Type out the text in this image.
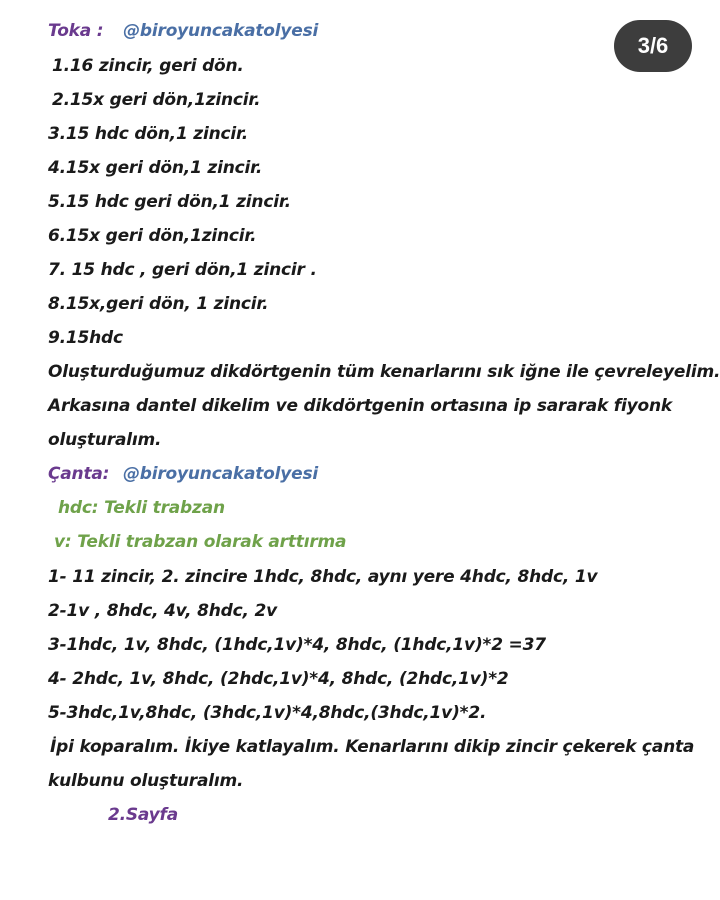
3/6
Toka : @biroyuncakatolyesi
1.16 zincir, geri dön.
2.15x geri dön,1zincir.
3.15 hdc dön,1 zincir.
4.15x geri dön,1 zincir.
5.15 hdc geri dön,1 zincir.
6.15x geri dön,1zincir.
7. 15 hdc , geri dön,1 zincir .
8.15x,geri dön, 1 zincir.
9.15hdc
Oluşturduğumuz dikdörtgenin tüm kenarlarını sık iğne ile çevreleyelim.
Arkasına dantel dikelim ve dikdörtgenin ortasına ip sararak fiyonk
oluşturalım.
Çanta: @biroyuncakatolyesi
hdc: Tekli trabzan
v: Tekli trabzan olarak arttırma
1- 11 zincir, 2. zincire 1hdc, 8hdc, aynı yere 4hdc, 8hdc, 1v
2-1v , 8hdc, 4v, 8hdc, 2v
3-1hdc, 1v, 8hdc, (1hdc,1v)*4, 8hdc, (1hdc,1v)*2 =37
4- 2hdc, 1v, 8hdc, (2hdc,1v)*4, 8hdc, (2hdc,1v)*2
5-3hdc,1v,8hdc, (3hdc,1v)*4,8hdc,(3hdc,1v)*2.
İpi koparalım. İkiye katlayalım. Kenarlarını dikip zincir çekerek çanta
kulbunu oluşturalım.
2.Sayfa
